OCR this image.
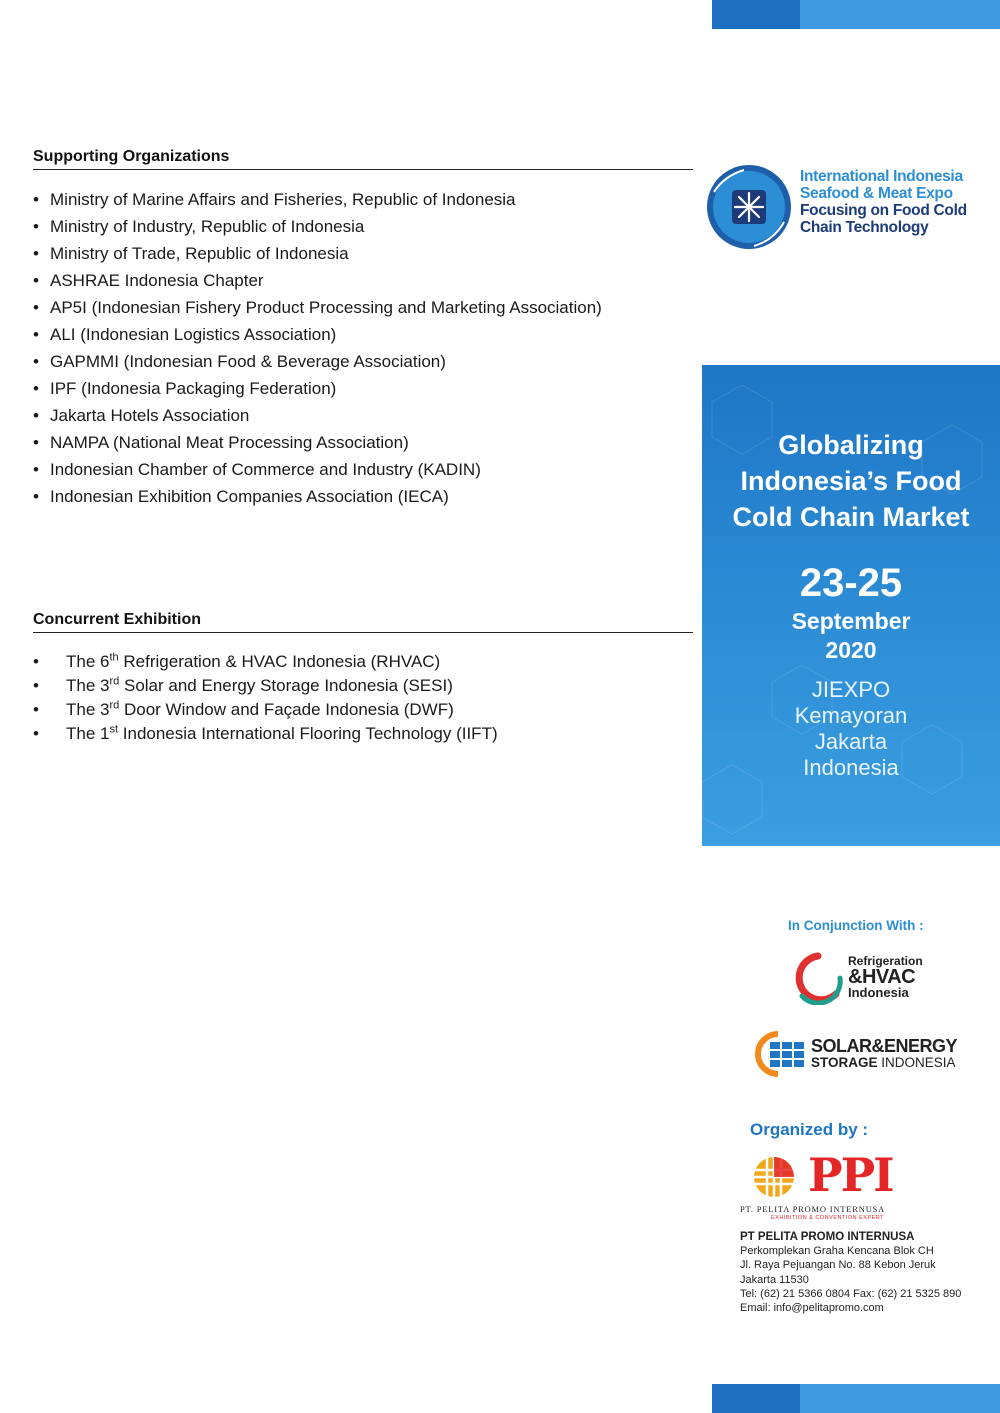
Supporting Organizations
• Ministry of Marine Affairs and Fisheries, Republic of Indonesia
• Ministry of Industry, Republic of Indonesia
• Ministry of Trade, Republic of Indonesia
• ASHRAE Indonesia Chapter
• AP5I (Indonesian Fishery Product Processing and Marketing Association)
• ALI (Indonesian Logistics Association)
• GAPMMI (Indonesian Food & Beverage Association)
• IPF (Indonesia Packaging Federation)
• Jakarta Hotels Association
• NAMPA (National Meat Processing Association)
• Indonesian Chamber of Commerce and Industry (KADIN)
• Indonesian Exhibition Companies Association (IECA)
Concurrent Exhibition
• The 6th Refrigeration & HVAC Indonesia (RHVAC)
• The 3rd Solar and Energy Storage Indonesia (SESI)
• The 3rd Door Window and Façade Indonesia (DWF)
• The 1st Indonesia International Flooring Technology (IIFT)
International Indonesia
Seafood & Meat Expo
Focusing on Food Cold
Chain Technology
Globalizing
Indonesia’s Food
Cold Chain Market
23-25
September
2020
JIEXPO
Kemayoran
Jakarta
Indonesia
In Conjunction With :
Refrigeration
&HVAC
Indonesia
SOLAR&ENERGY
STORAGE INDONESIA
Organized by :
PPI
PT. PELITA PROMO INTERNUSA
EXHIBITION & CONVENTION EXPERT
PT PELITA PROMO INTERNUSA
Perkomplekan Graha Kencana Blok CH
Jl. Raya Pejuangan No. 88 Kebon Jeruk
Jakarta 11530
Tel: (62) 21 5366 0804 Fax: (62) 21 5325 890
Email: info@pelitapromo.com
